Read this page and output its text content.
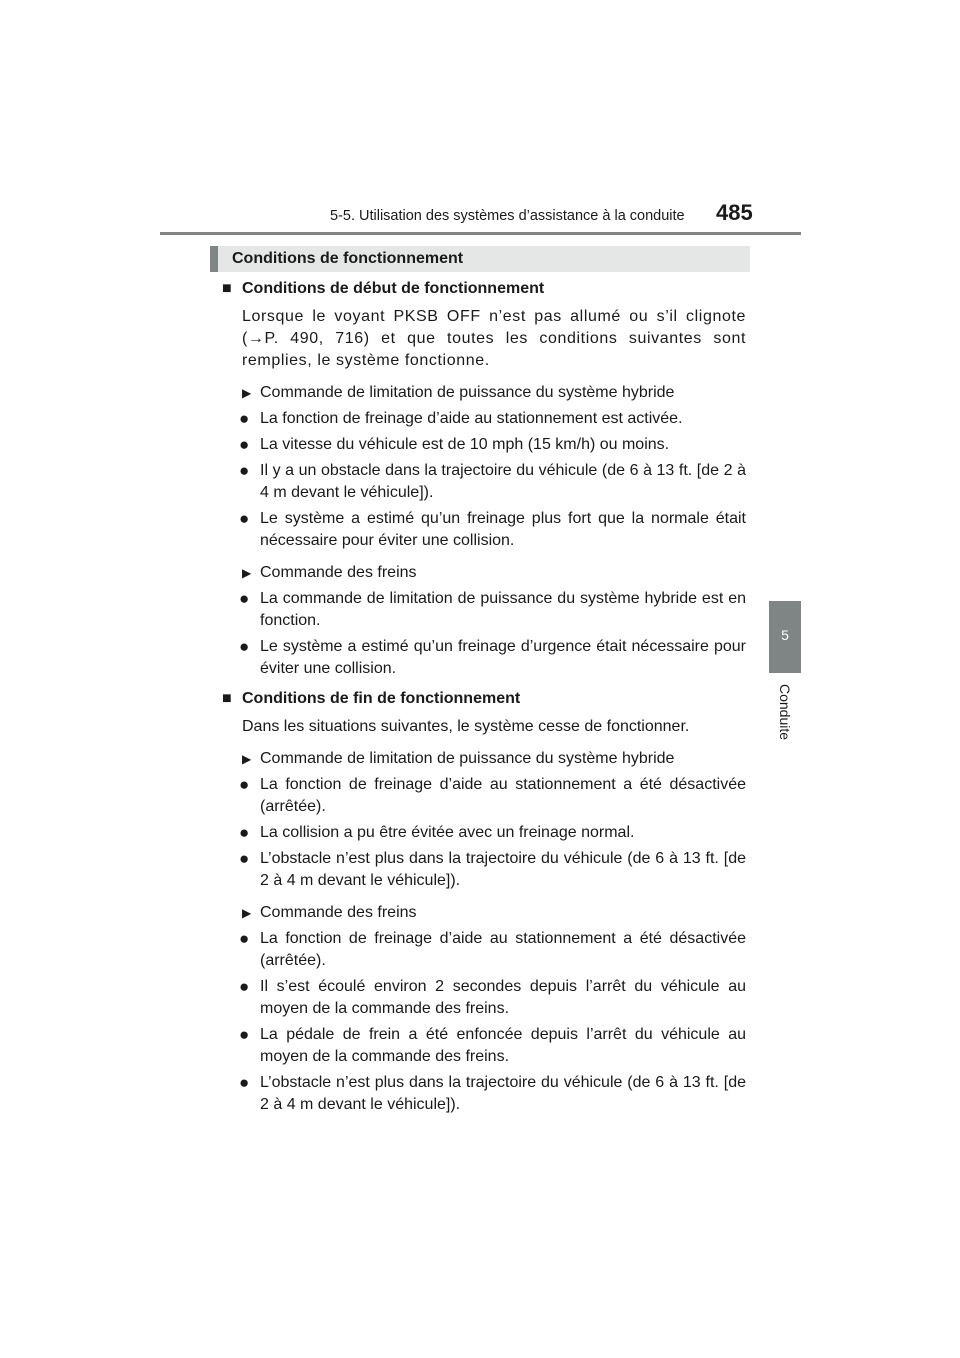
5-5. Utilisation des systèmes d’assistance à la conduite 485
5
Conduite
Conditions de fonctionnement
■ Conditions de début de fonctionnement
Lorsque le voyant PKSB OFF n’est pas allumé ou s’il clignote (→P. 490, 716) et que toutes les conditions suivantes sont remplies, le système fonctionne.
▶ Commande de limitation de puissance du système hybride
● La fonction de freinage d’aide au stationnement est activée.
● La vitesse du véhicule est de 10 mph (15 km/h) ou moins.
● Il y a un obstacle dans la trajectoire du véhicule (de 6 à 13 ft. [de 2 à 4 m devant le véhicule]).
● Le système a estimé qu’un freinage plus fort que la normale était nécessaire pour éviter une collision.
▶ Commande des freins
● La commande de limitation de puissance du système hybride est en fonction.
● Le système a estimé qu’un freinage d’urgence était nécessaire pour éviter une collision.
■ Conditions de fin de fonctionnement
Dans les situations suivantes, le système cesse de fonctionner.
▶ Commande de limitation de puissance du système hybride
● La fonction de freinage d’aide au stationnement a été désactivée (arrêtée).
● La collision a pu être évitée avec un freinage normal.
● L’obstacle n’est plus dans la trajectoire du véhicule (de 6 à 13 ft. [de 2 à 4 m devant le véhicule]).
▶ Commande des freins
● La fonction de freinage d’aide au stationnement a été désactivée (arrêtée).
● Il s’est écoulé environ 2 secondes depuis l’arrêt du véhicule au moyen de la commande des freins.
● La pédale de frein a été enfoncée depuis l’arrêt du véhicule au moyen de la commande des freins.
● L’obstacle n’est plus dans la trajectoire du véhicule (de 6 à 13 ft. [de 2 à 4 m devant le véhicule]).
